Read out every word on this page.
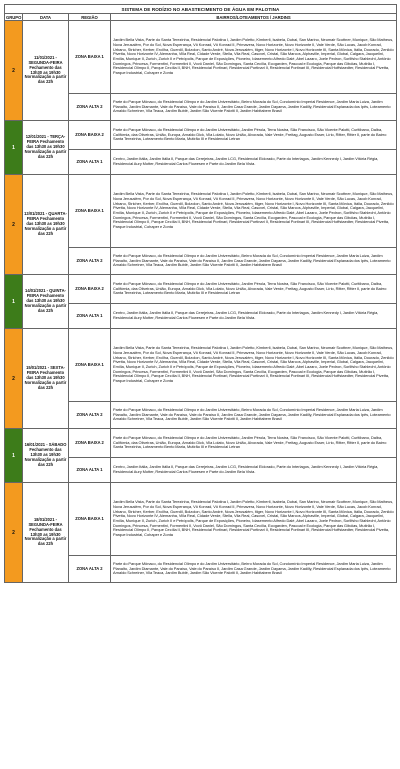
SISTEMA DE RODÍZIO NO ABASTECIMENTO DE ÁGUA EM PALOTINA			
GRUPO	DATA	REGIÃO	BAIRROS/LOTEAMENTOS / JARDINS
2	11/01/2021 - SEGUNDA-FEIRA Fechamento das 13h30 as 19h30 Normalização a partir das 22h	ZONA BAIXA 1	Jardim Bella Vista, Parte do Santa Terezinha, Residencial Palotina I, Jardim Poletto, Kimberli, Isabela, Dubai, San Marino, Neumair Scottner, Munique, São Matheus, Nova Jerusalém, Por do Sol, Nova Esperança, Vô Konrad, Vô Konrad II, Primavera, Novo Horizonte, Novo Horizonte II, Vale Verde, São Lucas, Jacob Konrad, Urbano, Stricher, Kerber, Ercilha, Guerdil, Bolzolon, Santo André, Nova Jerusalém, Itiger, Novo Horizonte I, Novo Horizonte III, Santa Mônica, Itália, Dourado, Zenildo Pivetta, Novo Horizonte IV, Alemanha, Villa Real, Cidade Verde, Stella, Vila Real, Cascvel, Cristal, São Marcos, Alphaville, Imperial, Global, Calgara, Jacquelini, Emília, Munique II, Zurich, Zurich II e Petrópolis, Parque de Exposições, Pioneiro, Idasemento Alfredo Dalé, Abel Lazaro, Joele Pedron, Sorllfsho Stahlecht, Antônio Domingos, Princesa, Formentini, Formentini II, Vovô Daniel, São Domingos, Santa Cecília, Ecogarden, Pascoal e Ecologia, Parque das Gibóias, Mutirão I, Residencial Olimpo II, Parque Cecília II, BNH, Residencial Portinari, Residencial Portinari II, Residencial Portinari III, Residencial Hoffstaedter, Residencial Pivetta, Parque Industrial, Cohaper e Zonta
		ZONA ALTA 2	Parte do Parque Mônaco, do Residencial Olimpo e do Jardim Universitário, Beirro Morada do Sol, Condomínio Imperial Residence, Jardim Maria Luiza, Jardim Planalto, Jardim Diamante, Vale do Paraíso, Vale do Paraíso II, Jardim Casa Grande, Jardim Dayama, Jardim Kadilly, Residencial Esplanada dos Ipês, Loteamento Arnaldo Schreiner, Vila Teaca, Jardim Bublé, Jardim São Vicente Palotti II, Jardim Habitabem Brasil
1	12/01/2021 - TERÇA-FEIRA Fechamento das 13h30 as 19h30 Normalização a partir das 22h	ZONA BAIXA 2	Parte do Parque Mônaco, do Residencial Olimpo e do Jardim Universitário, Jardim Pérola, Terra Nostra, São Francisco, São Vicente Palotti, Curitibano, Dalba, Califórnia, das Oliveiras, União, Europa, Arnaldo Dick, Vila Lolato, Novo União, Alvorada, Vale Verde, Freitag, Augusto Esser, Lírio, Ritter, Ritter II, parte do Bairro Santa Terezinha, Loteamento Bento Maria, Mutirão III e Residencial Letran
		ZONA ALTA 1	Centro, Jardim Itália, Jardim Itália II, Parque das Cerejeiras, Jardim LCG, Residencial Eldorado, Parte do Interlagos, Jardim Kennedy I, Jardim Vitória Régia, Residencial Aury Motter, Residencial Carlos Flowesen e Parte do Jardim Bela Vista.
2	13/01/2021 - QUARTA-FEIRA Fechamento das 13h30 as 19h30 Normalização a partir das 22h	ZONA BAIXA 1	Jardim Bella Vista, Parte do Santa Terezinha, Residencial Palotina I, Jardim Poletto, Kimberli, Isabela, Dubai, San Marino, Neumair Scottner, Munique, São Matheus, Nova Jerusalém, Por do Sol, Nova Esperança, Vô Konrad, Vô Konrad II, Primavera, Novo Horizonte, Novo Horizonte II, Vale Verde, São Lucas, Jacob Konrad, Urbano, Stricher, Kerber, Ercilha, Guerdil, Bolzolon, Santo André, Nova Jerusalém, Itiger, Novo Horizonte I, Novo Horizonte III, Santa Mônica, Itália, Dourado, Zenildo Pivetta, Novo Horizonte IV, Alemanha, Villa Real, Cidade Verde, Stella, Vila Real, Cascvel, Cristal, São Marcos, Alphaville, Imperial, Global, Calgara, Jacquelini, Emília, Munique II, Zurich, Zurich II e Petrópolis, Parque de Exposições, Pioneiro, Idasemento Alfredo Dalé, Abel Lazaro, Joele Pedron, Sorllfsho Stahlecht, Antônio Domingos, Princesa, Formentini, Formentini II, Vovô Daniel, São Domingos, Santa Cecília, Ecogarden, Pascoal e Ecologia, Parque das Gibóias, Mutirão I, Residencial Olimpo II, Parque Cecília II, BNH, Residencial Portinari, Residencial Portinari II, Residencial Portinari III, Residencial Hoffstaedter, Residencial Pivetta, Parque Industrial, Cohaper e Zonta
		ZONA ALTA 2	Parte do Parque Mônaco, do Residencial Olimpo e do Jardim Universitário, Beirro Morada do Sol, Condomínio Imperial Residence, Jardim Maria Luiza, Jardim Planalto, Jardim Diamante, Vale do Paraíso, Vale do Paraíso II, Jardim Casa Grande, Jardim Dayama, Jardim Kadilly, Residencial Esplanada dos Ipês, Loteamento Arnaldo Schreiner, Vila Teaca, Jardim Bublé, Jardim São Vicente Palotti II, Jardim Habitabem Brasil
1	14/01/2021 - QUINTA-FEIRA Fechamento das 13h30 as 19h30 Normalização a partir das 22h	ZONA BAIXA 2	Parte do Parque Mônaco, do Residencial Olimpo e do Jardim Universitário, Jardim Pérola, Terra Nostra, São Francisco, São Vicente Palotti, Curitibano, Dalba, Califórnia, das Oliveiras, União, Europa, Arnaldo Dick, Vila Lolato, Novo União, Alvorada, Vale Verde, Freitag, Augusto Esser, Lírio, Ritter, Ritter II, parte do Bairro Santa Terezinha, Loteamento Bento Maria, Mutirão III e Residencial Letran
		ZONA ALTA 1	Centro, Jardim Itália, Jardim Itália II, Parque das Cerejeiras, Jardim LCG, Residencial Eldorado, Parte do Interlagos, Jardim Kennedy I, Jardim Vitória Régia, Residencial Aury Motter, Residencial Carlos Flowesen e Parte do Jardim Bela Vista.
2	15/01/2021 - SEXTA-FEIRA Fechamento das 13h30 as 19h30 Normalização a partir das 22h	ZONA BAIXA 1	Jardim Bella Vista, Parte do Santa Terezinha, Residencial Palotina I, Jardim Poletto, Kimberli, Isabela, Dubai, San Marino, Neumair Scottner, Munique, São Matheus, Nova Jerusalém, Por do Sol, Nova Esperança, Vô Konrad, Vô Konrad II, Primavera, Novo Horizonte, Novo Horizonte II, Vale Verde, São Lucas, Jacob Konrad, Urbano, Stricher, Kerber, Ercilha, Guerdil, Bolzolon, Santo André, Nova Jerusalém, Itiger, Novo Horizonte I, Novo Horizonte III, Santa Mônica, Itália, Dourado, Zenildo Pivetta, Novo Horizonte IV, Alemanha, Villa Real, Cidade Verde, Stella, Vila Real, Cascvel, Cristal, São Marcos, Alphaville, Imperial, Global, Calgara, Jacquelini, Emília, Munique II, Zurich, Zurich II e Petrópolis, Parque de Exposições, Pioneiro, Idasemento Alfredo Dalé, Abel Lazaro, Joele Pedron, Sorllfsho Stahlecht, Antônio Domingos, Princesa, Formentini, Formentini II, Vovô Daniel, São Domingos, Santa Cecília, Ecogarden, Pascoal e Ecologia, Parque das Gibóias, Mutirão I, Residencial Olimpo II, Parque Cecília II, BNH, Residencial Portinari, Residencial Portinari II, Residencial Portinari III, Residencial Hoffstaedter, Residencial Pivetta, Parque Industrial, Cohaper e Zonta
		ZONA ALTA 2	Parte do Parque Mônaco, do Residencial Olimpo e do Jardim Universitário, Beirro Morada do Sol, Condomínio Imperial Residence, Jardim Maria Luiza, Jardim Planalto, Jardim Diamante, Vale do Paraíso, Vale do Paraíso II, Jardim Casa Grande, Jardim Dayama, Jardim Kadilly, Residencial Esplanada dos Ipês, Loteamento Arnaldo Schreiner, Vila Teaca, Jardim Bublé, Jardim São Vicente Palotti II, Jardim Habitabem Brasil
1	16/01/2021 - SÁBADO Fechamento das 13h30 as 19h30 Normalização a partir das 22h	ZONA BAIXA 2	Parte do Parque Mônaco, do Residencial Olimpo e do Jardim Universitário, Jardim Pérola, Terra Nostra, São Francisco, São Vicente Palotti, Curitibano, Dalba, Califórnia, das Oliveiras, União, Europa, Arnaldo Dick, Vila Lolato, Novo União, Alvorada, Vale Verde, Freitag, Augusto Esser, Lírio, Ritter, Ritter II, parte do Bairro Santa Terezinha, Loteamento Bento Maria, Mutirão III e Residencial Letran
		ZONA ALTA 1	Centro, Jardim Itália, Jardim Itália II, Parque das Cerejeiras, Jardim LCG, Residencial Eldorado, Parte do Interlagos, Jardim Kennedy I, Jardim Vitória Régia, Residencial Aury Motter, Residencial Carlos Flowesen e Parte do Jardim Bela Vista.
2	18/01/2021 - SEGUNDA-FEIRA Fechamento das 13h30 as 19h30 Normalização a partir das 22h	ZONA BAIXA 1	Jardim Bella Vista, Parte do Santa Terezinha, Residencial Palotina I, Jardim Poletto, Kimberli, Isabela, Dubai, San Marino, Neumair Scottner, Munique, São Matheus, Nova Jerusalém, Por do Sol, Nova Esperança, Vô Konrad, Vô Konrad II, Primavera, Novo Horizonte, Novo Horizonte II, Vale Verde, São Lucas, Jacob Konrad, Urbano, Stricher, Kerber, Ercilha, Guerdil, Bolzolon, Santo André, Nova Jerusalém, Itiger, Novo Horizonte I, Novo Horizonte III, Santa Mônica, Itália, Dourado, Zenildo Pivetta, Novo Horizonte IV, Alemanha, Villa Real, Cidade Verde, Stella, Vila Real, Cascvel, Cristal, São Marcos, Alphaville, Imperial, Global, Calgara, Jacquelini, Emília, Munique II, Zurich, Zurich II e Petrópolis, Parque de Exposições, Pioneiro, Idasemento Alfredo Dalé, Abel Lazaro, Joele Pedron, Sorllfsho Stahlecht, Antônio Domingos, Princesa, Formentini, Formentini II, Vovô Daniel, São Domingos, Santa Cecília, Ecogarden, Pascoal e Ecologia, Parque das Gibóias, Mutirão I, Residencial Olimpo II, Parque Cecília II, BNH, Residencial Portinari, Residencial Portinari II, Residencial Portinari III, Residencial Hoffstaedter, Residencial Pivetta, Parque Industrial, Cohaper e Zonta
		ZONA ALTA 2	Parte do Parque Mônaco, do Residencial Olimpo e do Jardim Universitário, Beirro Morada do Sol, Condomínio Imperial Residence, Jardim Maria Luiza, Jardim Planalto, Jardim Diamante, Vale do Paraíso, Vale do Paraíso II, Jardim Casa Grande, Jardim Dayama, Jardim Kadilly, Residencial Esplanada dos Ipês, Loteamento Arnaldo Schreiner, Vila Teaca, Jardim Bublé, Jardim São Vicente Palotti II, Jardim Habitabem Brasil
